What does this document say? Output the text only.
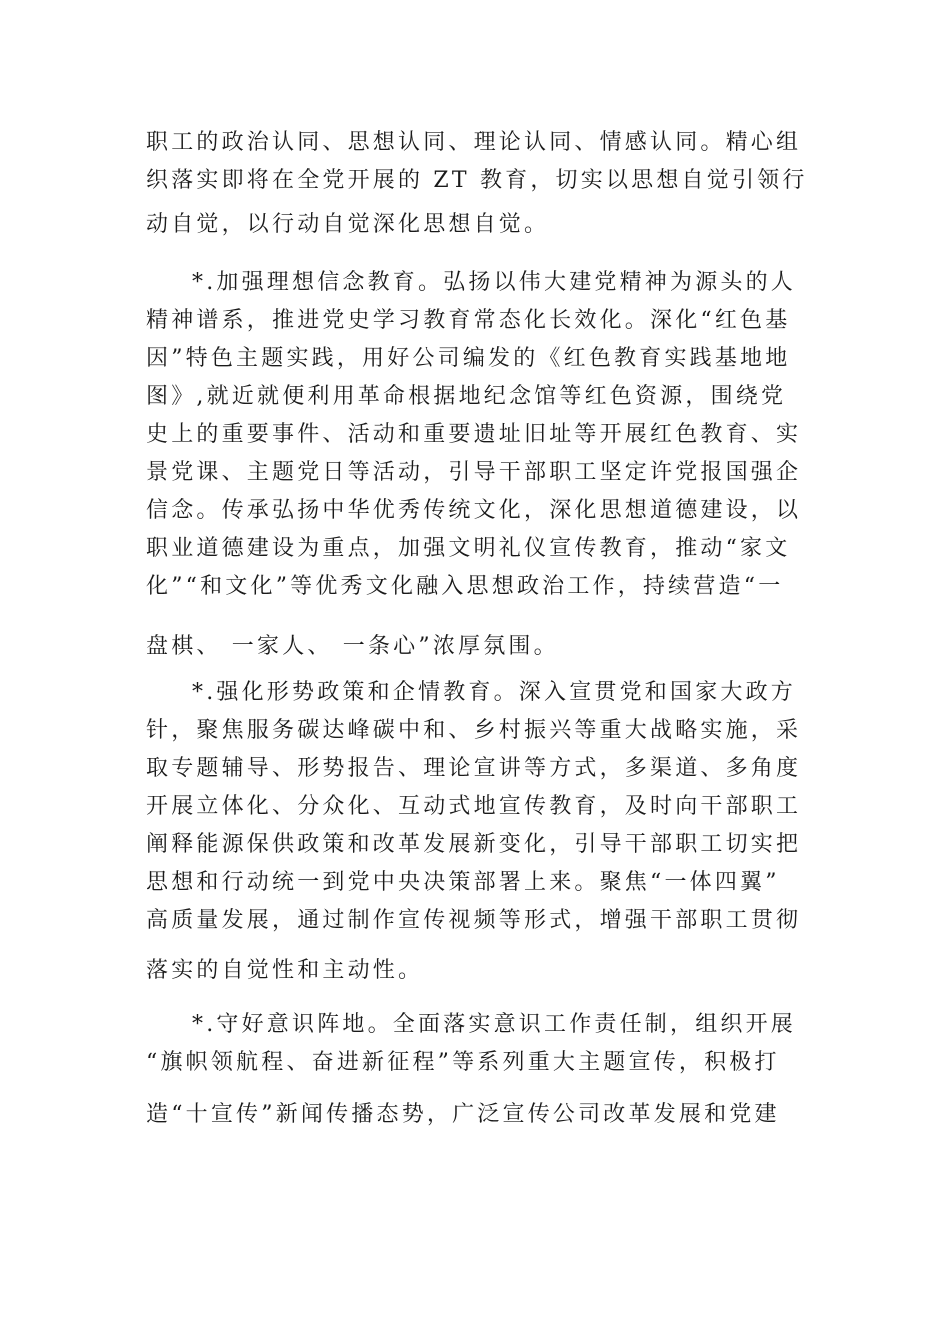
职工的政治认同、思想认同、理论认同、情感认同。精心组
织落实即将在全党开展的 ZT 教育，切实以思想自觉引领行
动自觉，以行动自觉深化思想自觉。
*.加强理想信念教育。弘扬以伟大建党精神为源头的人
精神谱系，推进党史学习教育常态化长效化。深化“红色基
因”特色主题实践，用好公司编发的《红色教育实践基地地
图》,就近就便利用革命根据地纪念馆等红色资源，围绕党
史上的重要事件、活动和重要遗址旧址等开展红色教育、实
景党课、主题党日等活动，引导干部职工坚定许党报国强企
信念。传承弘扬中华优秀传统文化，深化思想道德建设，以
职业道德建设为重点，加强文明礼仪宣传教育，推动“家文
化”“和文化”等优秀文化融入思想政治工作，持续营造“一
盘棋、 一家人、 一条心”浓厚氛围。
*.强化形势政策和企情教育。深入宣贯党和国家大政方
针，聚焦服务碳达峰碳中和、乡村振兴等重大战略实施，采
取专题辅导、形势报告、理论宣讲等方式，多渠道、多角度
开展立体化、分众化、互动式地宣传教育，及时向干部职工
阐释能源保供政策和改革发展新变化，引导干部职工切实把
思想和行动统一到党中央决策部署上来。聚焦“一体四翼”
高质量发展，通过制作宣传视频等形式，增强干部职工贯彻
落实的自觉性和主动性。
*.守好意识阵地。全面落实意识工作责任制，组织开展
“旗帜领航程、奋进新征程”等系列重大主题宣传，积极打
造“十宣传”新闻传播态势，广泛宣传公司改革发展和党建
